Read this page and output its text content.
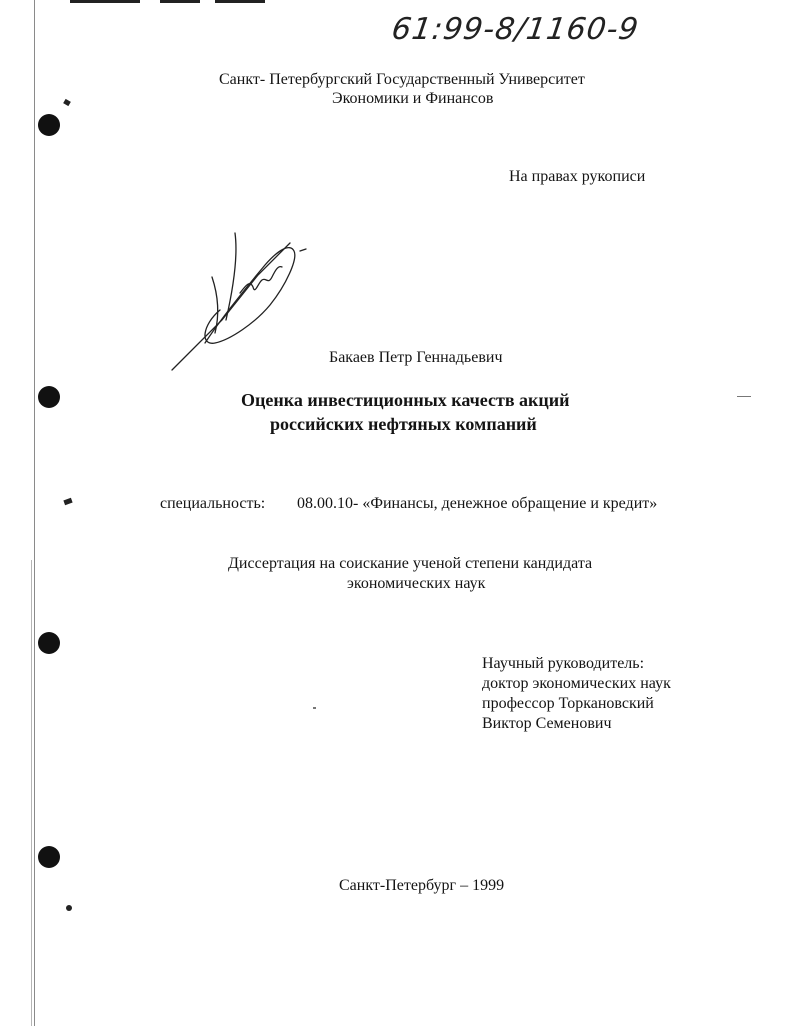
61:99-8/1160-9
Санкт- Петербургский Государственный Университет
Экономики и Финансов
На правах рукописи
Бакаев Петр Геннадьевич
Оценка инвестиционных качеств акций
российских нефтяных компаний
специальность: 08.00.10- «Финансы, денежное обращение и кредит»
Диссертация на соискание ученой степени кандидата
экономических наук
Научный руководитель:
доктор экономических наук
профессор Торкановский
Виктор Семенович
Санкт-Петербург – 1999
